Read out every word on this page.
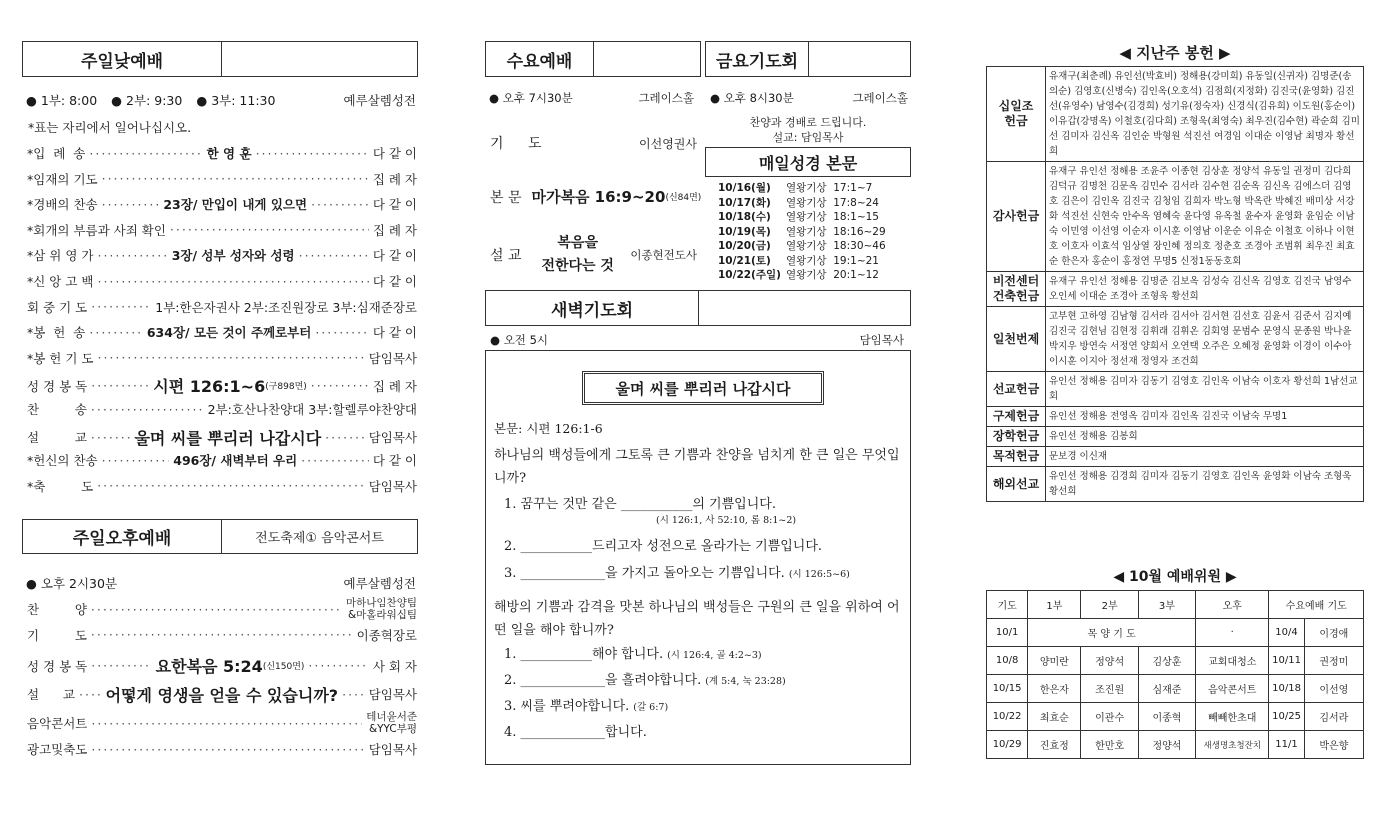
주일낮예배
● 1부: 8:00 ● 2부: 9:30 ● 3부: 11:30	예루살렘성전
*표는 자리에서 일어나십시오.
*입  례  송 ·····	한 영 훈 ·····	다 같 이
*임재의 기도 ·····	집 례 자
*경배의 찬송 ·····	23장/ 만입이 내게 있으면 ·····	다 같 이
*회개의 부름과 사죄 확인 ·····	집 례 자
*삼 위 영 가 ·····	3장/ 성부 성자와 성령 ·····	다 같 이
*신 앙 고 백 ·····	다 같 이
회 중 기 도 ·····	1부:한은자권사 2부:조진원장로 3부:심재준장로
*봉  헌  송 ·····	634장/ 모든 것이 주께로부터 ·····	다 같 이
*봉 헌 기 도 ·····	담임목사
성 경 봉 독 ·····	시편 126:1~6 (구898면) ·····	집 례 자
찬         송 ·····	2부:호산나찬양대 3부:할렐루야찬양대
설         교 ·····	울며 씨를 뿌리러 나갑시다 ·····	담임목사
*헌신의 찬송 ·····	496장/ 새벽부터 우리 ·····	다 같 이
*축         도 ·····	담임목사
주일오후예배	전도축제① 음악콘서트
● 오후 2시30분	예루살렘성전
찬         양 ·····	마하나임찬양팀
&마홀라워십팀
기         도 ·····	이종혁장로
성 경 봉 독 ·····	요한복음 5:24 (신150면) ·····	사 회 자
설      교 ····· 어떻게 영생을 얻을 수 있습니까? ····· 담임목사
음악콘서트 ·····	테너윤서준
&YYC부평
광고및축도 ·····	담임목사
수요예배	금요기도회
● 오후 7시30분	그레이스홀 ● 오후 8시30분	그레이스홀
찬양과 경배로 드립니다.
설교: 담임목사
기 도	이선영권사
본 문 마가복음 16:9~20 (신84면)
설 교
복음을
전한다는 것
이종현전도사
매일성경 본문
10/16(월)	열왕기상  17:1~7
10/17(화)	열왕기상  17:8~24
10/18(수)	열왕기상  18:1~15
10/19(목)	열왕기상  18:16~29
10/20(금)	열왕기상  18:30~46
10/21(토)	열왕기상  19:1~21
10/22(주일) 열왕기상  20:1~12
새벽기도회
● 오전 5시	담임목사
울며 씨를 뿌리러 나갑시다
본문: 시편 126:1-6
하나님의 백성들에게 그토록 큰 기쁨과 찬양을 넘치게 한 큰 일은 무엇입니까?
1. 꿈꾸는 것만 같은 ___________의 기쁨입니다.
(시 126:1, 사 52:10, 롬 8:1~2)
2. ___________드리고자 성전으로 올라가는 기쁨입니다.
3. _____________을 가지고 돌아오는 기쁨입니다. (시 126:5~6)
해방의 기쁨과 감격을 맛본 하나님의 백성들은 구원의 큰 일을 위하여 어떤 일을 해야 합니까?
1. ___________해야 합니다. (시 126:4, 골 4:2~3)
2. _____________을 흘려야합니다. (계 5:4, 눅 23:28)
3. 씨를 뿌려야합니다. (갈 6:7)
4. _____________합니다.
◀ 지난주 봉헌 ▶
십일조
헌금	유재구(최춘례) 유인선(박효비) 정해용(강미희) 유동일(신귀자) 김명준(송의순) 김영호(신병숙) 김인옥(오호석) 김점희(지정화) 김진국(윤영화) 김진선(유영수) 남영수(김경희) 성기유(정숙자) 신경식(김유희) 이도원(홍순이) 이유갑(강명옥) 이철호(김다희) 조형욱(최영숙) 최우진(김수현) 곽순희 김미선 김미자 김신옥 김인순 박형원 석진선 여경임 이대순 이영남 최명자 황선희
감사헌금	유재구 유인선 정해용 조윤주 이종현 김상훈 정양석 유동일 권정미 김다희 김덕규 김명천 김문옥 김민수 김서라 김수현 김순옥 김신옥 김에스더 김영호 김은이 김인옥 김진국 김청임 김희자 박노형 박옥란 박혜진 배미상 서강화 석진선 신현숙 안수옥 염혜숙 윤다영 유옥철 윤수자 윤영화 윤임순 이남숙 이민영 이선영 이순자 이시훈 이영남 이운순 이유순 이철호 이하나 이현호 이호자 이효석 임상열 장인혜 정의호 정춘호 조경아 조범휘 최우진 최효순 한은자 홍순이 홍정연 무명5 신정1동동호회
비전센터
건축헌금	유재구 유인선 정해용 김명준 김보옥 김성숙 김신옥 김영호 김진국 남영수 오인세 이대순 조경아 조형욱 황선희
일천번제	고부현 고하영 김남형 김서라 김서아 김서현 김선호 김윤서 김준서 김지예 김진국 김현님 김현정 김휘래 김휘온 김회영 문범수 문영식 문종원 박나윤 박지우 방연숙 서정연 양희서 오연택 오주은 오혜정 윤영화 이경이 이수아 이시훈 이지아 정선재 정영자 조건희
선교헌금	유인선 정해용 김미자 김동기 김영호 김인옥 이남숙 이호자 황선희 1남선교회
구제헌금	유인선 정해용 전영옥 김미자 김인옥 김진국 이남숙 무명1
장학헌금	유인선 정해용 김봉희
목적헌금	문보경 이신재
해외선교	유인선 정해용 김경희 김미자 김동기 김영호 김인옥 윤영화 이남숙 조형욱 황선희
◀ 10월 예배위원 ▶
기도	1부	2부	3부	오후	수요예배 기도	
10/1	목 양 기 도			·	10/4	이경애
10/8	양미란	정양석	김상훈	교회대청소	10/11	권정미
10/15	한은자	조진원	심재준	음악콘서트	10/18	이선영
10/22	최효순	이관수	이종혁	빼빼한초대	10/25	김서라
10/29	진효정	한만호	정양석	새생명초청잔치	11/1	박은향
